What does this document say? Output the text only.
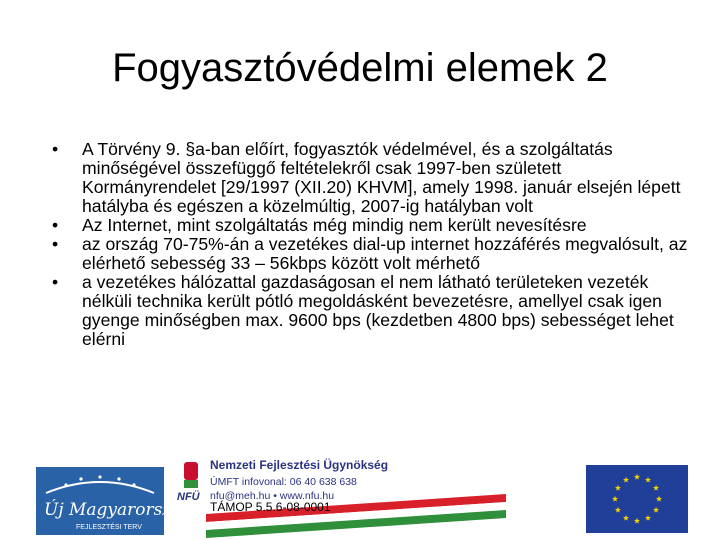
Fogyasztóvédelmi elemek 2
• A Törvény 9. §a-ban előírt, fogyasztók védelmével, és a szolgáltatás minőségével összefüggő feltételekről csak 1997-ben született Kormányrendelet [29/1997 (XII.20) KHVM], amely 1998. január elsején lépett hatályba és egészen a közelmúltig, 2007-ig hatályban volt
• Az Internet, mint szolgáltatás még mindig nem került nevesítésre
• az ország 70-75%-án a vezetékes dial-up internet hozzáférés megvalósult, az elérhető sebesség 33 – 56kbps között volt mérhető
• a vezetékes hálózattal gazdaságosan el nem látható területeken vezeték nélküli technika került pótló megoldásként bevezetésre, amellyel csak igen gyenge minőségben max. 9600 bps (kezdetben 4800 bps) sebességet lehet elérni
Új Magyarország
FEJLESZTÉSI TERV
NFÜ
Nemzeti Fejlesztési Ügynökség
ÚMFT infovonal: 06 40 638 638
nfu@meh.hu • www.nfu.hu
TÁMOP 5.5.6-08-0001
